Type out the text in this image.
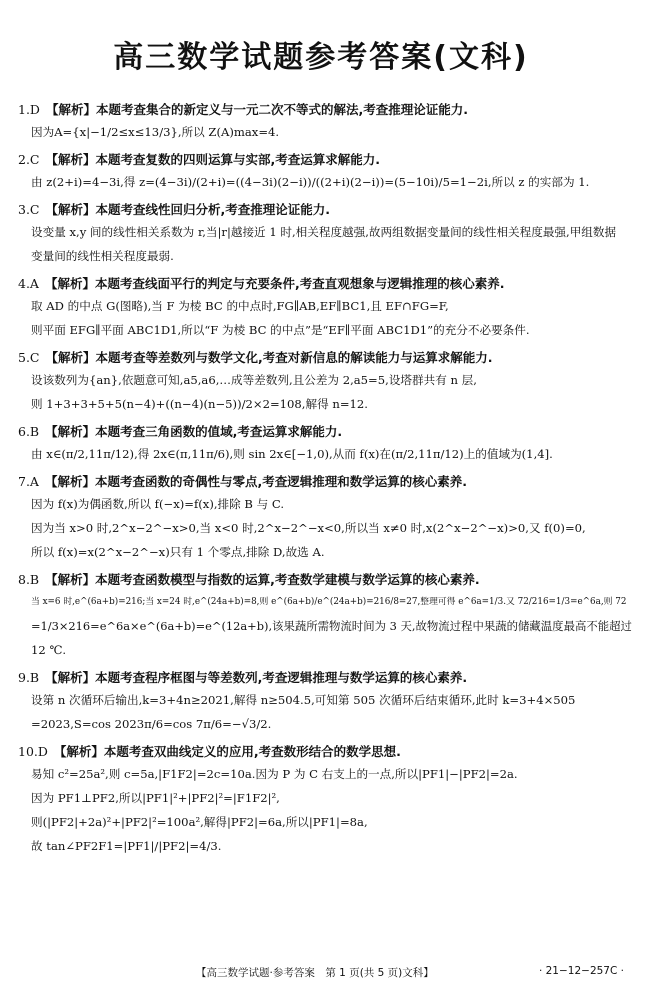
高三数学试题参考答案(文科)
1.D 【解析】本题考查集合的新定义与一元二次不等式的解法,考查推理论证能力.
因为A={x|−1/2≤x≤13/3},所以 Z(A)max=4.
2.C 【解析】本题考查复数的四则运算与实部,考查运算求解能力.
由 z(2+i)=4−3i,得 z=(4−3i)/(2+i)=((4−3i)(2−i))/((2+i)(2−i))=(5−10i)/5=1−2i,所以 z 的实部为 1.
3.C 【解析】本题考查线性回归分析,考查推理论证能力.
设变量 x,y 间的线性相关系数为 r,当|r|越接近 1 时,相关程度越强,故两组数据变量间的线性相关程度最强,甲组数据变量间的线性相关程度最弱.
4.A 【解析】本题考查线面平行的判定与充要条件,考查直观想象与逻辑推理的核心素养.
取 AD 的中点 G(图略),当 F 为棱 BC 的中点时,FG∥AB,EF∥BC1,且 EF∩FG=F,
则平面 EFG∥平面 ABC1D1,所以“F 为棱 BC 的中点”是“EF∥平面 ABC1D1”的充分不必要条件.
5.C 【解析】本题考查等差数列与数学文化,考查对新信息的解读能力与运算求解能力.
设该数列为{an},依题意可知,a5,a6,…成等差数列,且公差为 2,a5=5,设塔群共有 n 层,
则 1+3+3+5+5(n−4)+((n−4)(n−5))/2×2=108,解得 n=12.
6.B 【解析】本题考查三角函数的值域,考查运算求解能力.
由 x∈(π/2,11π/12),得 2x∈(π,11π/6),则 sin 2x∈[−1,0),从而 f(x)在(π/2,11π/12)上的值域为(1,4].
7.A 【解析】本题考查函数的奇偶性与零点,考查逻辑推理和数学运算的核心素养.
因为 f(x)为偶函数,所以 f(−x)=f(x),排除 B 与 C.
因为当 x>0 时,2^x−2^−x>0,当 x<0 时,2^x−2^−x<0,所以当 x≠0 时,x(2^x−2^−x)>0,又 f(0)=0,
所以 f(x)=x(2^x−2^−x)只有 1 个零点,排除 D,故选 A.
8.B 【解析】本题考查函数模型与指数的运算,考查数学建模与数学运算的核心素养.
当 x=6 时,e^(6a+b)=216;当 x=24 时,e^(24a+b)=8,则 e^(6a+b)/e^(24a+b)=216/8=27,整理可得 e^6a=1/3.又 72/216=1/3=e^6a,则 72
=1/3×216=e^6a×e^(6a+b)=e^(12a+b),该果蔬所需物流时间为 3 天,故物流过程中果蔬的储藏温度最高不能超过
12 ℃.
9.B 【解析】本题考查程序框图与等差数列,考查逻辑推理与数学运算的核心素养.
设第 n 次循环后输出,k=3+4n≥2021,解得 n≥504.5,可知第 505 次循环后结束循环,此时 k=3+4×505
=2023,S=cos 2023π/6=cos 7π/6=−√3/2.
10.D 【解析】本题考查双曲线定义的应用,考查数形结合的数学思想.
易知 c²=25a²,则 c=5a,|F1F2|=2c=10a.因为 P 为 C 右支上的一点,所以|PF1|−|PF2|=2a.
因为 PF1⊥PF2,所以|PF1|²+|PF2|²=|F1F2|²,
则(|PF2|+2a)²+|PF2|²=100a²,解得|PF2|=6a,所以|PF1|=8a,
故 tan∠PF2F1=|PF1|/|PF2|=4/3.
【高三数学试题·参考答案　第 1 页(共 5 页)文科】	· 21−12−257C ·
